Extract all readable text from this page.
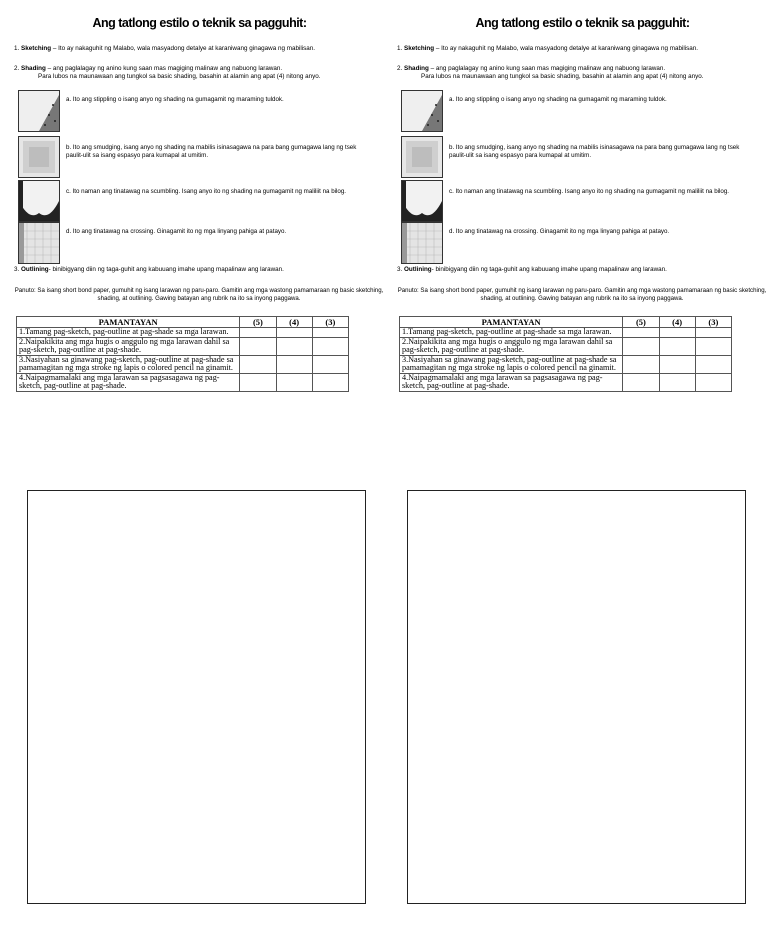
Ang tatlong estilo o teknik sa pagguhit:
1. Sketching – Ito ay nakaguhit ng Malabo, wala masyadong detalye at karaniwang ginagawa ng mabilisan.
2. Shading – ang paglalagay ng anino kung saan mas magiging malinaw ang nabuong larawan.
Para lubos na maunawaan ang tungkol sa basic shading, basahin at alamin ang apat (4) nitong anyo.
a. Ito ang stippling o isang anyo ng shading na gumagamit ng maraming tuldok.
b. Ito ang smudging, isang anyo ng shading na mabilis isinasagawa na para bang gumagawa lang ng tsek paulit-ulit sa isang espasyo para kumapal at umitim.
c. Ito naman ang tinatawag na scumbling. Isang anyo ito ng shading na gumagamit ng maliliit na bilog.
d. Ito ang tinatawag na crossing. Ginagamit ito ng mga linyang pahiga at patayo.
3. Outlining- binibigyang diin ng taga-guhit ang kabuuang imahe upang mapalinaw ang larawan.
Panuto: Sa isang short bond paper, gumuhit ng isang larawan ng paru-paro. Gamitin ang mga wastong pamamaraan ng basic sketching, shading, at outlining. Gawing batayan ang rubrik na ito sa inyong paggawa.
PAMANTAYAN	(5)	(4)	(3)
1.Tamang pag-sketch, pag-outline at pag-shade sa mga larawan.			
2.Naipakikita ang mga hugis o anggulo ng mga larawan dahil sa pag-sketch, pag-outline at pag-shade.			
3.Nasiyahan sa ginawang pag-sketch, pag-outline at pag-shade sa pamamagitan ng mga stroke ng lapis o colored pencil na ginamit.			
4.Naipagmamalaki ang mga larawan sa pagsasagawa ng pag-sketch, pag-outline at pag-shade.			
Ang tatlong estilo o teknik sa pagguhit:
1. Sketching – Ito ay nakaguhit ng Malabo, wala masyadong detalye at karaniwang ginagawa ng mabilisan.
2. Shading – ang paglalagay ng anino kung saan mas magiging malinaw ang nabuong larawan.
Para lubos na maunawaan ang tungkol sa basic shading, basahin at alamin ang apat (4) nitong anyo.
a. Ito ang stippling o isang anyo ng shading na gumagamit ng maraming tuldok.
b. Ito ang smudging, isang anyo ng shading na mabilis isinasagawa na para bang gumagawa lang ng tsek paulit-ulit sa isang espasyo para kumapal at umitim.
c. Ito naman ang tinatawag na scumbling. Isang anyo ito ng shading na gumagamit ng maliliit na bilog.
d. Ito ang tinatawag na crossing. Ginagamit ito ng mga linyang pahiga at patayo.
3. Outlining- binibigyang diin ng taga-guhit ang kabuuang imahe upang mapalinaw ang larawan.
Panuto: Sa isang short bond paper, gumuhit ng isang larawan ng paru-paro. Gamitin ang mga wastong pamamaraan ng basic sketching, shading, at outlining. Gawing batayan ang rubrik na ito sa inyong paggawa.
PAMANTAYAN	(5)	(4)	(3)
1.Tamang pag-sketch, pag-outline at pag-shade sa mga larawan.			
2.Naipakikita ang mga hugis o anggulo ng mga larawan dahil sa pag-sketch, pag-outline at pag-shade.			
3.Nasiyahan sa ginawang pag-sketch, pag-outline at pag-shade sa pamamagitan ng mga stroke ng lapis o colored pencil na ginamit.			
4.Naipagmamalaki ang mga larawan sa pagsasagawa ng pag-sketch, pag-outline at pag-shade.			
